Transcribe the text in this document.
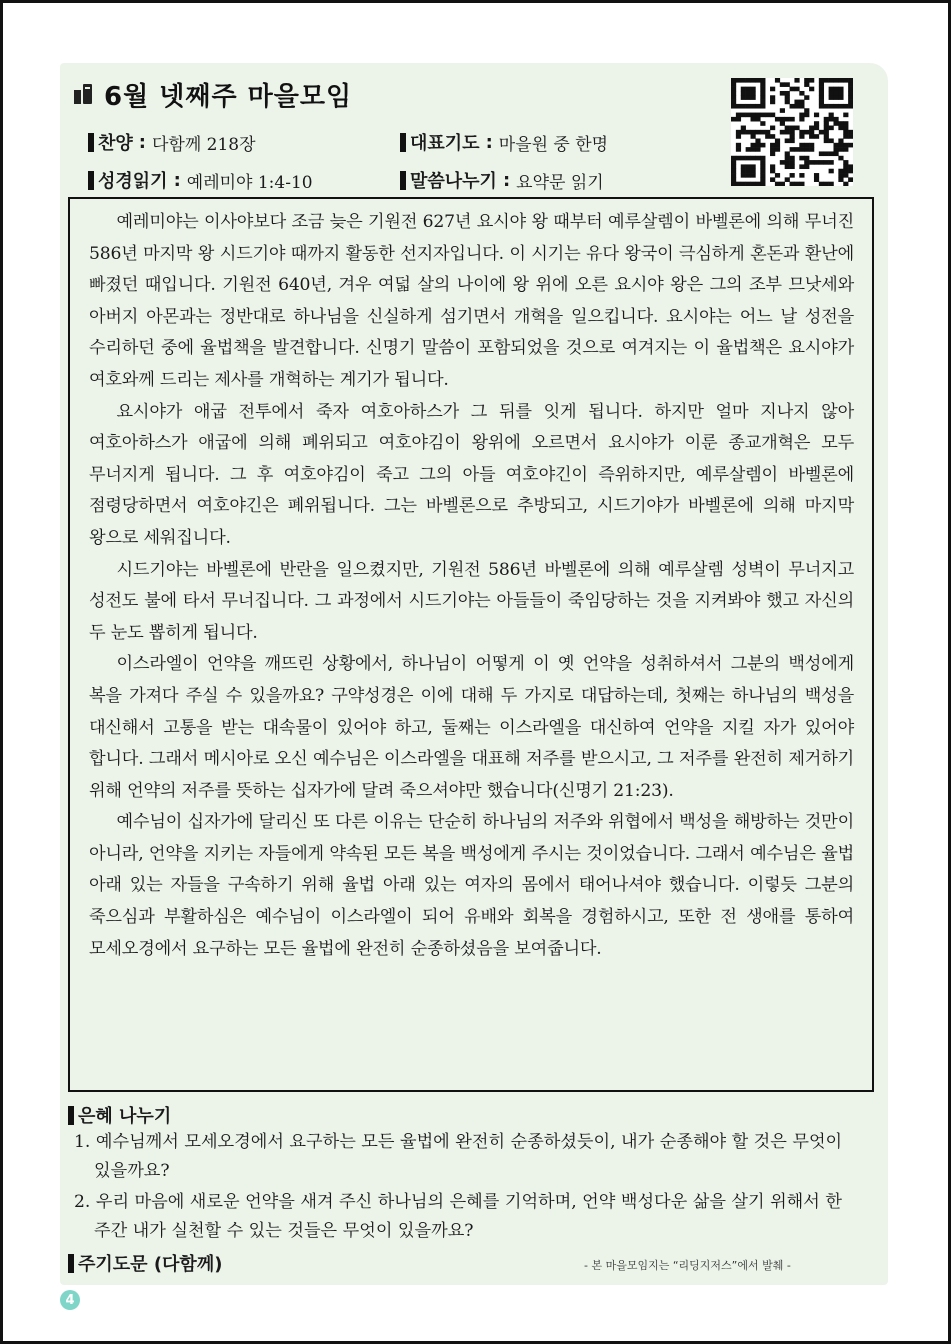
6월 넷째주 마을모임
찬양 : 다함께 218장	대표기도 : 마을원 중 한명
성경읽기 : 예레미야 1:4-10	말씀나누기 : 요약문 읽기

예레미야는 이사야보다 조금 늦은 기원전 627년 요시야 왕 때부터 예루살렘이 바벨론에 의해 무너진 586년 마지막 왕 시드기야 때까지 활동한 선지자입니다. 이 시기는 유다 왕국이 극심하게 혼돈과 환난에 빠졌던 때입니다. 기원전 640년, 겨우 여덟 살의 나이에 왕 위에 오른 요시야 왕은 그의 조부 므낫세와 아버지 아몬과는 정반대로 하나님을 신실하게 섬기면서 개혁을 일으킵니다. 요시야는 어느 날 성전을 수리하던 중에 율법책을 발견합니다. 신명기 말씀이 포함되었을 것으로 여겨지는 이 율법책은 요시야가 여호와께 드리는 제사를 개혁하는 계기가 됩니다.

요시야가 애굽 전투에서 죽자 여호아하스가 그 뒤를 잇게 됩니다. 하지만 얼마 지나지 않아 여호아하스가 애굽에 의해 폐위되고 여호야김이 왕위에 오르면서 요시야가 이룬 종교개혁은 모두 무너지게 됩니다. 그 후 여호야김이 죽고 그의 아들 여호야긴이 즉위하지만, 예루살렘이 바벨론에 점령당하면서 여호야긴은 폐위됩니다. 그는 바벨론으로 추방되고, 시드기야가 바벨론에 의해 마지막 왕으로 세워집니다.

시드기야는 바벨론에 반란을 일으켰지만, 기원전 586년 바벨론에 의해 예루살렘 성벽이 무너지고 성전도 불에 타서 무너집니다. 그 과정에서 시드기야는 아들들이 죽임당하는 것을 지켜봐야 했고 자신의 두 눈도 뽑히게 됩니다.

이스라엘이 언약을 깨뜨린 상황에서, 하나님이 어떻게 이 옛 언약을 성취하셔서 그분의 백성에게 복을 가져다 주실 수 있을까요? 구약성경은 이에 대해 두 가지로 대답하는데, 첫째는 하나님의 백성을 대신해서 고통을 받는 대속물이 있어야 하고, 둘째는 이스라엘을 대신하여 언약을 지킬 자가 있어야 합니다. 그래서 메시아로 오신 예수님은 이스라엘을 대표해 저주를 받으시고, 그 저주를 완전히 제거하기 위해 언약의 저주를 뜻하는 십자가에 달려 죽으셔야만 했습니다(신명기 21:23).

예수님이 십자가에 달리신 또 다른 이유는 단순히 하나님의 저주와 위협에서 백성을 해방하는 것만이 아니라, 언약을 지키는 자들에게 약속된 모든 복을 백성에게 주시는 것이었습니다. 그래서 예수님은 율법 아래 있는 자들을 구속하기 위해 율법 아래 있는 여자의 몸에서 태어나셔야 했습니다. 이렇듯 그분의 죽으심과 부활하심은 예수님이 이스라엘이 되어 유배와 회복을 경험하시고, 또한 전 생애를 통하여 모세오경에서 요구하는 모든 율법에 완전히 순종하셨음을 보여줍니다.

은혜 나누기
1. 예수님께서 모세오경에서 요구하는 모든 율법에 완전히 순종하셨듯이, 내가 순종해야 할 것은 무엇이 있을까요?
2. 우리 마음에 새로운 언약을 새겨 주신 하나님의 은혜를 기억하며, 언약 백성다운 삶을 살기 위해서 한 주간 내가 실천할 수 있는 것들은 무엇이 있을까요?
주기도문 (다함께)	- 본 마을모임지는 “리딩지저스”에서 발췌 -
4
